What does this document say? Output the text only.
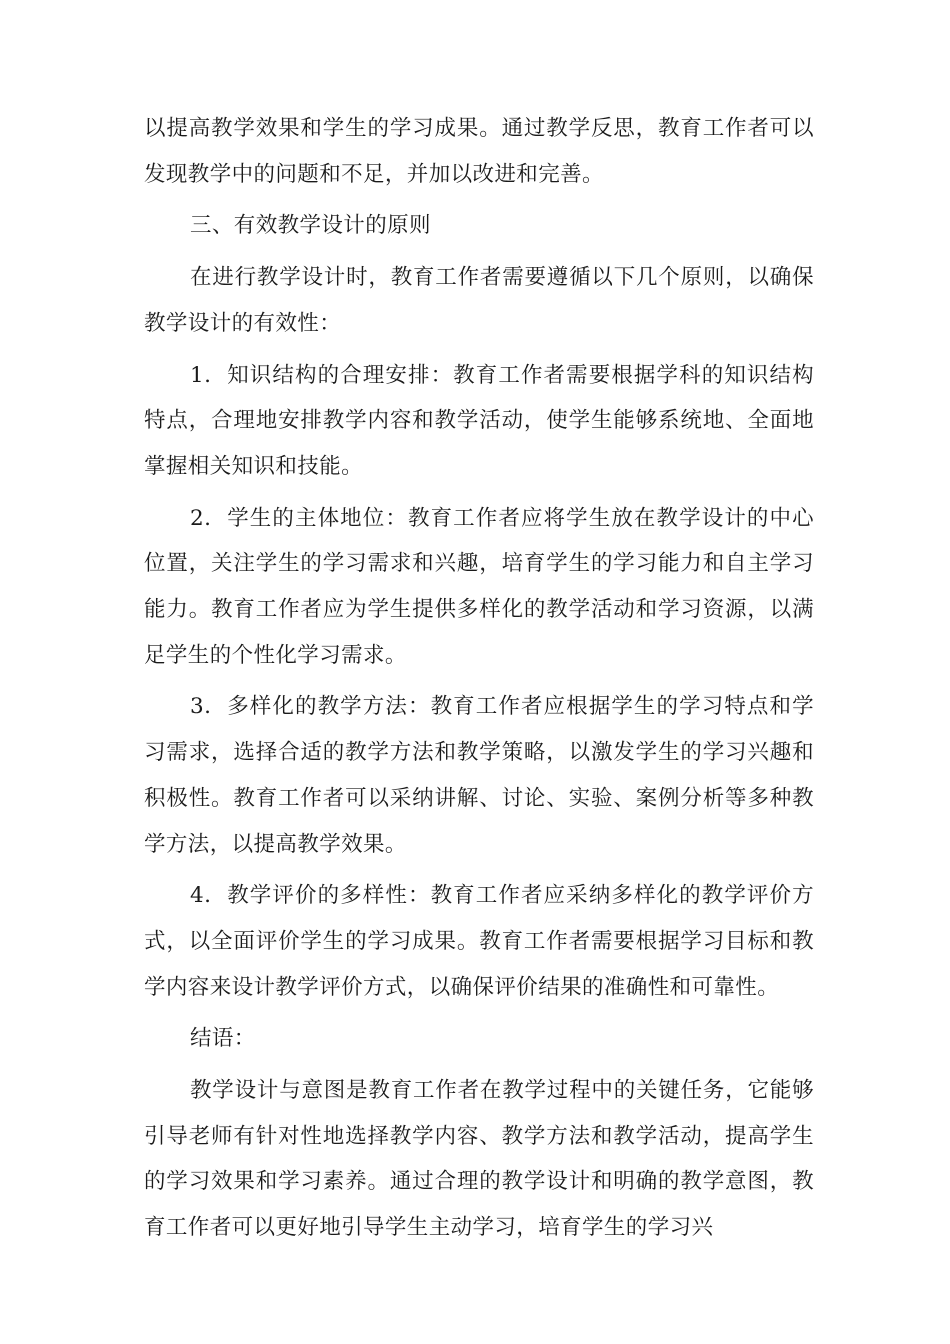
以提高教学效果和学生的学习成果。通过教学反思，教育工作者可以发现教学中的问题和不足，并加以改进和完善。

三、有效教学设计的原则

在进行教学设计时，教育工作者需要遵循以下几个原则，以确保教学设计的有效性：

1. 知识结构的合理安排：教育工作者需要根据学科的知识结构特点，合理地安排教学内容和教学活动，使学生能够系统地、全面地掌握相关知识和技能。

2. 学生的主体地位：教育工作者应将学生放在教学设计的中心位置，关注学生的学习需求和兴趣，培育学生的学习能力和自主学习能力。教育工作者应为学生提供多样化的教学活动和学习资源，以满足学生的个性化学习需求。

3. 多样化的教学方法：教育工作者应根据学生的学习特点和学习需求，选择合适的教学方法和教学策略，以激发学生的学习兴趣和积极性。教育工作者可以采纳讲解、讨论、实验、案例分析等多种教学方法，以提高教学效果。

4. 教学评价的多样性：教育工作者应采纳多样化的教学评价方式，以全面评价学生的学习成果。教育工作者需要根据学习目标和教学内容来设计教学评价方式，以确保评价结果的准确性和可靠性。

结语：

教学设计与意图是教育工作者在教学过程中的关键任务，它能够引导老师有针对性地选择教学内容、教学方法和教学活动，提高学生的学习效果和学习素养。通过合理的教学设计和明确的教学意图，教育工作者可以更好地引导学生主动学习，培育学生的学习兴
